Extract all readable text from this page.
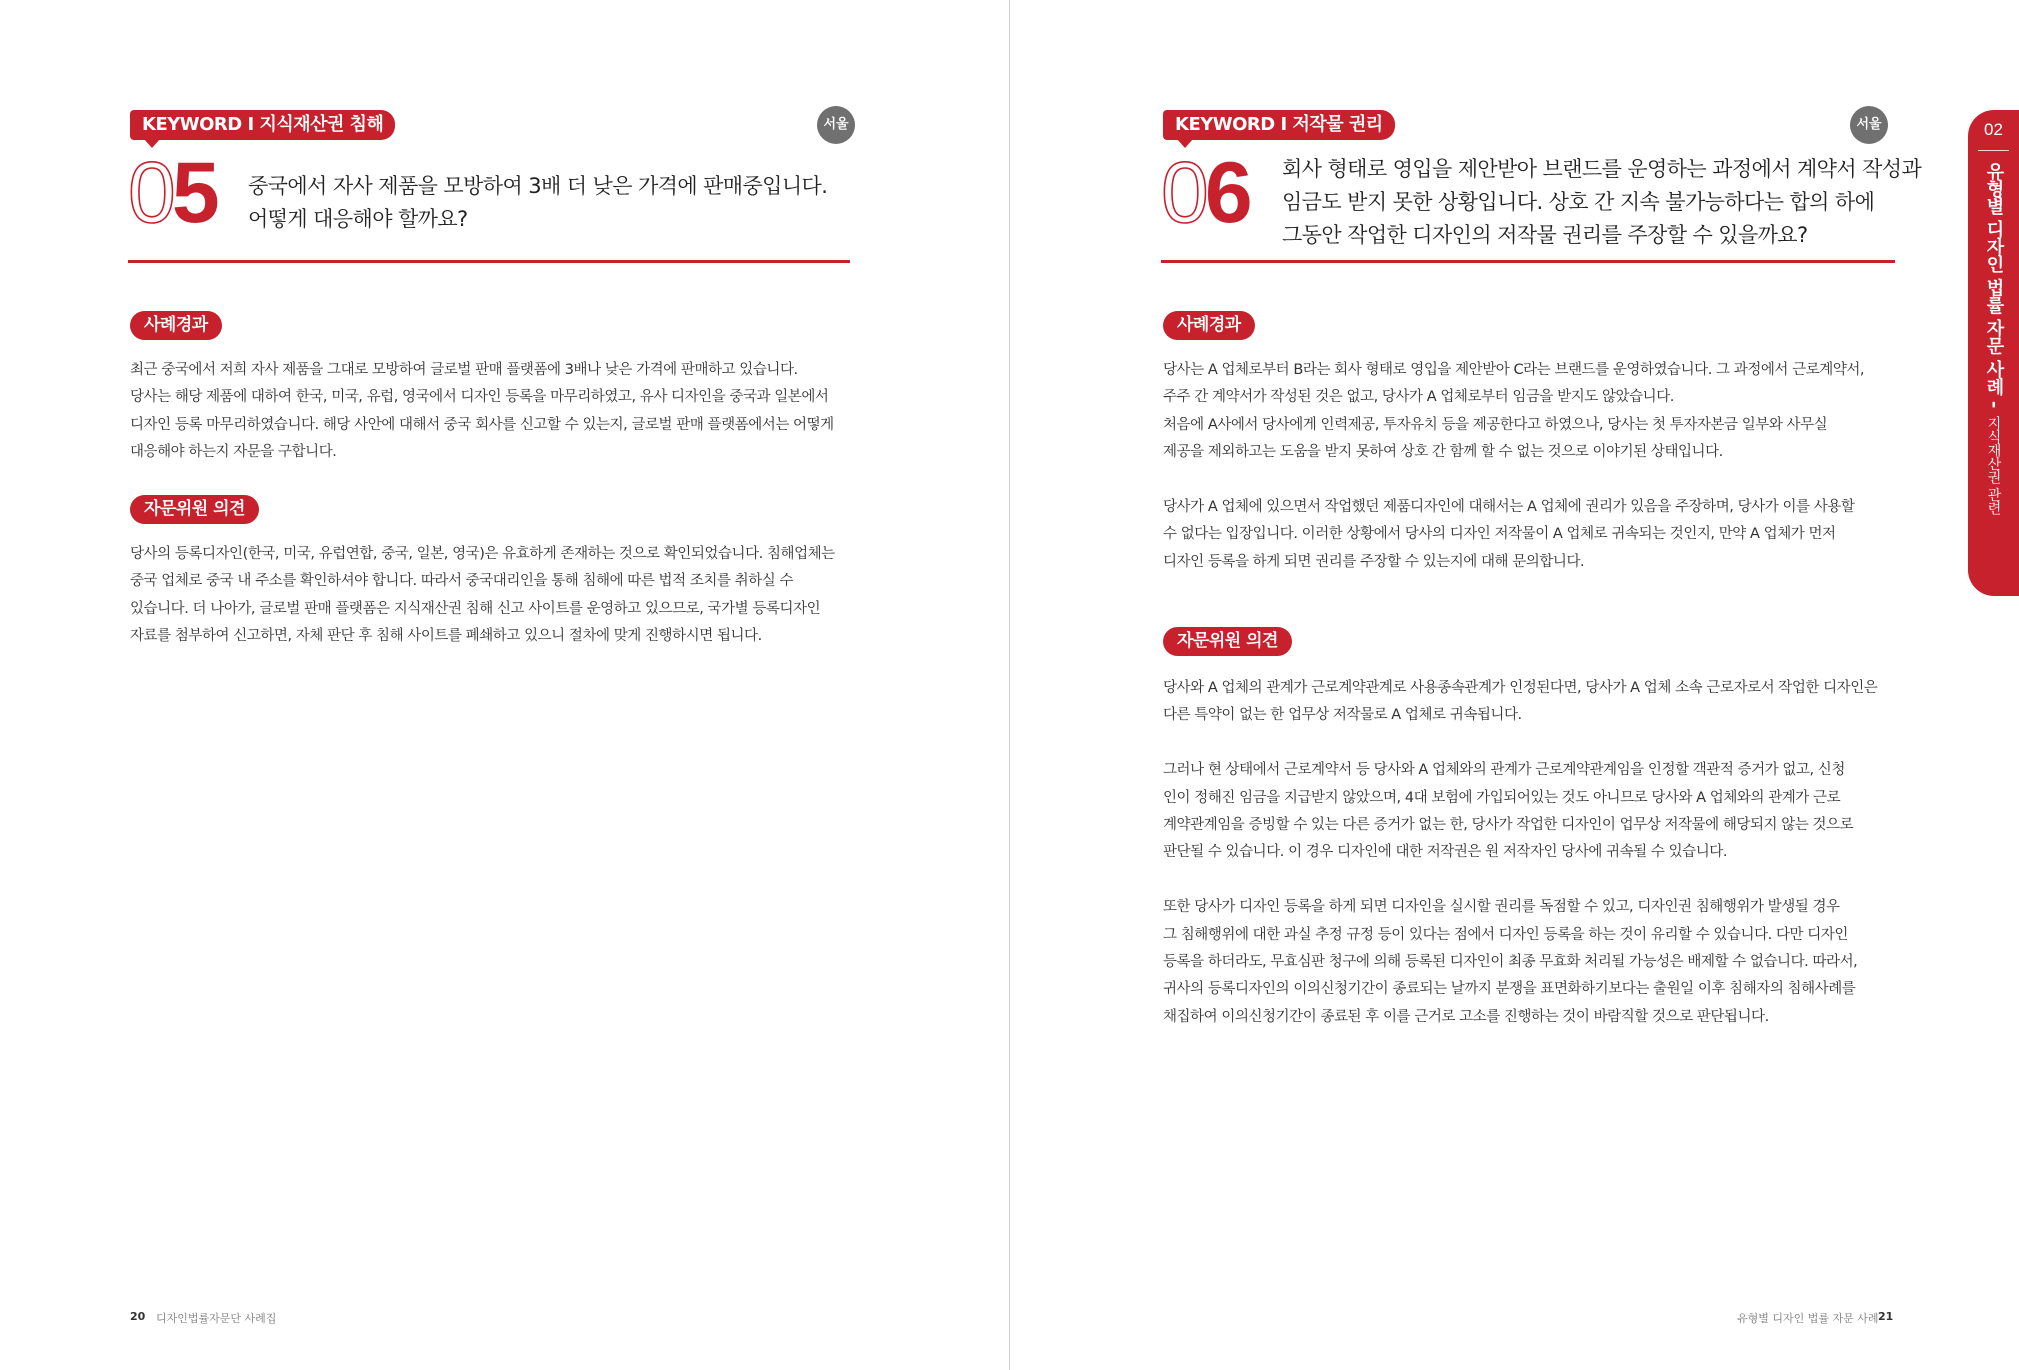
KEYWORD I 지식재산권 침해	서울
05 중국에서 자사 제품을 모방하여 3배 더 낮은 가격에 판매중입니다.
어떻게 대응해야 할까요?
사례경과
최근 중국에서 저희 자사 제품을 그대로 모방하여 글로벌 판매 플랫폼에 3배나 낮은 가격에 판매하고 있습니다.
당사는 해당 제품에 대하여 한국, 미국, 유럽, 영국에서 디자인 등록을 마무리하였고, 유사 디자인을 중국과 일본에서
디자인 등록 마무리하였습니다. 해당 사안에 대해서 중국 회사를 신고할 수 있는지, 글로벌 판매 플랫폼에서는 어떻게
대응해야 하는지 자문을 구합니다.
자문위원 의견
당사의 등록디자인(한국, 미국, 유럽연합, 중국, 일본, 영국)은 유효하게 존재하는 것으로 확인되었습니다. 침해업체는
중국 업체로 중국 내 주소를 확인하셔야 합니다. 따라서 중국대리인을 통해 침해에 따른 법적 조치를 취하실 수
있습니다. 더 나아가, 글로벌 판매 플랫폼은 지식재산권 침해 신고 사이트를 운영하고 있으므로, 국가별 등록디자인
자료를 첨부하여 신고하면, 자체 판단 후 침해 사이트를 폐쇄하고 있으니 절차에 맞게 진행하시면 됩니다.
20 디자인법률자문단 사례집
KEYWORD I 저작물 권리	서울
06 회사 형태로 영입을 제안받아 브랜드를 운영하는 과정에서 계약서 작성과
임금도 받지 못한 상황입니다. 상호 간 지속 불가능하다는 합의 하에
그동안 작업한 디자인의 저작물 권리를 주장할 수 있을까요?
사례경과
당사는 A 업체로부터 B라는 회사 형태로 영입을 제안받아 C라는 브랜드를 운영하였습니다. 그 과정에서 근로계약서,
주주 간 계약서가 작성된 것은 없고, 당사가 A 업체로부터 임금을 받지도 않았습니다.
처음에 A사에서 당사에게 인력제공, 투자유치 등을 제공한다고 하였으나, 당사는 첫 투자자본금 일부와 사무실
제공을 제외하고는 도움을 받지 못하여 상호 간 함께 할 수 없는 것으로 이야기된 상태입니다.
당사가 A 업체에 있으면서 작업했던 제품디자인에 대해서는 A 업체에 권리가 있음을 주장하며, 당사가 이를 사용할
수 없다는 입장입니다. 이러한 상황에서 당사의 디자인 저작물이 A 업체로 귀속되는 것인지, 만약 A 업체가 먼저
디자인 등록을 하게 되면 권리를 주장할 수 있는지에 대해 문의합니다.
자문위원 의견
당사와 A 업체의 관계가 근로계약관계로 사용종속관계가 인정된다면, 당사가 A 업체 소속 근로자로서 작업한 디자인은
다른 특약이 없는 한 업무상 저작물로 A 업체로 귀속됩니다.
그러나 현 상태에서 근로계약서 등 당사와 A 업체와의 관계가 근로계약관계임을 인정할 객관적 증거가 없고, 신청
인이 정해진 임금을 지급받지 않았으며, 4대 보험에 가입되어있는 것도 아니므로 당사와 A 업체와의 관계가 근로
계약관계임을 증빙할 수 있는 다른 증거가 없는 한, 당사가 작업한 디자인이 업무상 저작물에 해당되지 않는 것으로
판단될 수 있습니다. 이 경우 디자인에 대한 저작권은 원 저작자인 당사에 귀속될 수 있습니다.
또한 당사가 디자인 등록을 하게 되면 디자인을 실시할 권리를 독점할 수 있고, 디자인권 침해행위가 발생될 경우
그 침해행위에 대한 과실 추정 규정 등이 있다는 점에서 디자인 등록을 하는 것이 유리할 수 있습니다. 다만 디자인
등록을 하더라도, 무효심판 청구에 의해 등록된 디자인이 최종 무효화 처리될 가능성은 배제할 수 없습니다. 따라서,
귀사의 등록디자인의 이의신청기간이 종료되는 날까지 분쟁을 표면화하기보다는 출원일 이후 침해자의 침해사례를
채집하여 이의신청기간이 종료된 후 이를 근거로 고소를 진행하는 것이 바람직할 것으로 판단됩니다.
유형별 디자인 법률 자문 사례 21
02
유형별 디자인 법률 자문 사례 -
지식재산권 관련
